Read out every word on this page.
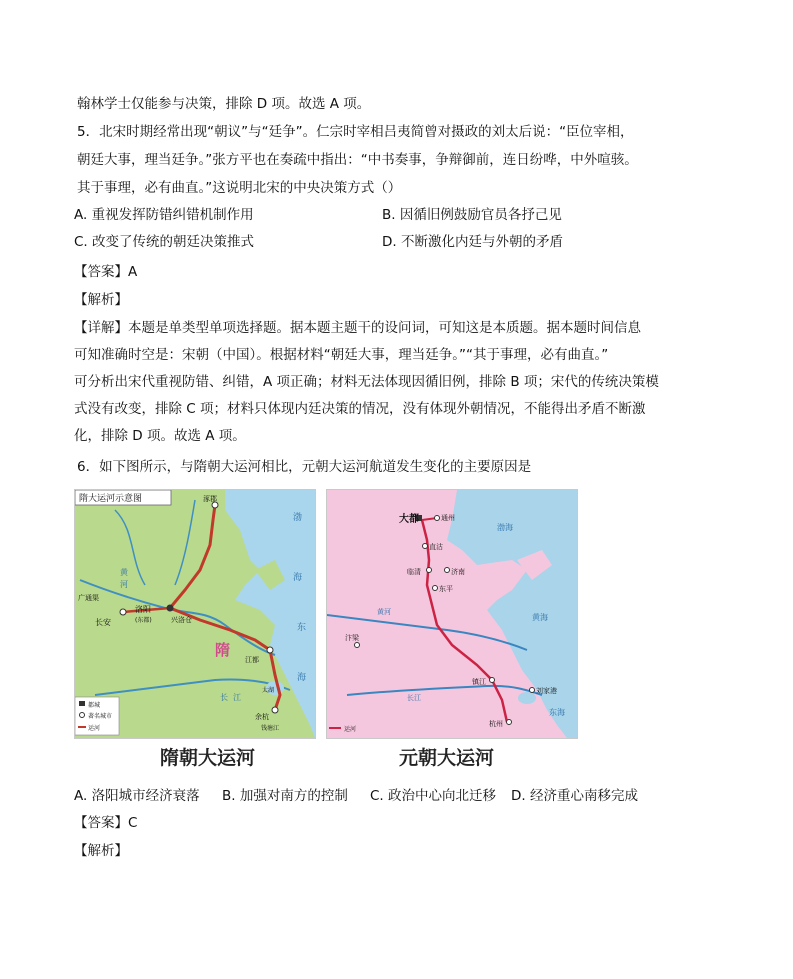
翰林学士仅能参与决策，排除 D 项。故选 A 项。
5．北宋时期经常出现“朝议”与“廷争”。仁宗时宰相吕夷简曾对摄政的刘太后说：“臣位宰相，
朝廷大事，理当廷争。”张方平也在奏疏中指出：“中书奏事，争辩御前，连日纷哗，中外喧骇。
其于事理，必有曲直。”这说明北宋的中央决策方式（）
A. 重视发挥防错纠错机制作用	B. 因循旧例鼓励官员各抒己见
C. 改变了传统的朝廷决策推式	D. 不断激化内廷与外朝的矛盾
【答案】A
【解析】
【详解】本题是单类型单项选择题。据本题主题干的设问词，可知这是本质题。据本题时间信息
可知准确时空是：宋朝（中国）。根据材料“朝廷大事，理当廷争。”“其于事理，必有曲直。”
可分析出宋代重视防错、纠错，A 项正确；材料无法体现因循旧例，排除 B 项；宋代的传统决策模
式没有改变，排除 C 项；材料只体现内廷决策的情况，没有体现外朝情况，不能得出矛盾不断激
化，排除 D 项。故选 A 项。
6．如下图所示，与隋朝大运河相比，元朝大运河航道发生变化的主要原因是
隋大运河示意图	涿郡
洛阳
(东都)
长安
广通渠
兴洛仓
江都
余杭
隋
黄
河
渤
海
东
海
太湖
钱塘江
长 江
都城
著名城市
运河
隋朝大运河
大都	通州
直沽
临清	济南
东平
汴梁
镇江
杭州
刘家港
渤海
黄海
东海
黄河
长江
运河
元朝大运河
A. 洛阳城市经济衰落 B. 加强对南方的控制 C. 政治中心向北迁移 D. 经济重心南移完成
【答案】C
【解析】
